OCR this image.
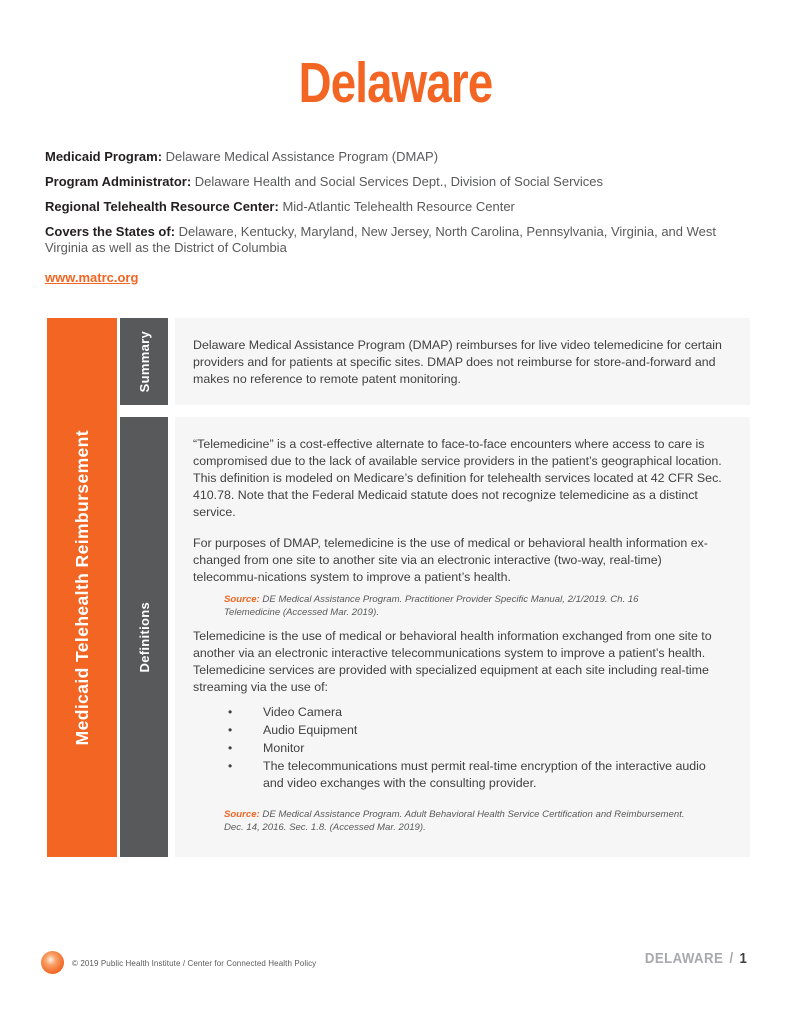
Delaware

Medicaid Program: Delaware Medical Assistance Program (DMAP)

Program Administrator: Delaware Health and Social Services Dept., Division of Social Services

Regional Telehealth Resource Center: Mid-Atlantic Telehealth Resource Center

Covers the States of: Delaware, Kentucky, Maryland, New Jersey, North Carolina, Pennsylvania, Virginia, and West Virginia as well as the District of Columbia

www.matrc.org

Medicaid Telehealth Reimbursement
Summary	Delaware Medical Assistance Program (DMAP) reimburses for live video telemedicine for certain providers and for patients at specific sites. DMAP does not reimburse for store-and-forward and makes no reference to remote patent monitoring.

Definitions

“Telemedicine” is a cost-effective alternate to face-to-face encounters where access to care is compromised due to the lack of available service providers in the patient’s geographical location. This definition is modeled on Medicare’s definition for telehealth services located at 42 CFR Sec. 410.78. Note that the Federal Medicaid statute does not recognize telemedicine as a distinct service.

For purposes of DMAP, telemedicine is the use of medical or behavioral health information ex-changed from one site to another site via an electronic interactive (two-way, real-time) telecommu-nications system to improve a patient’s health.

Source: DE Medical Assistance Program. Practitioner Provider Specific Manual, 2/1/2019. Ch. 16 Telemedicine (Accessed Mar. 2019).

Telemedicine is the use of medical or behavioral health information exchanged from one site to another via an electronic interactive telecommunications system to improve a patient’s health. Telemedicine services are provided with specialized equipment at each site including real-time streaming via the use of:

• Video Camera
• Audio Equipment
• Monitor
• The telecommunications must permit real-time encryption of the interactive audio and video exchanges with the consulting provider.

Source: DE Medical Assistance Program. Adult Behavioral Health Service Certification and Reimbursement. Dec. 14, 2016. Sec. 1.8. (Accessed Mar. 2019).

© 2019 Public Health Institute / Center for Connected Health Policy	DELAWARE / 1
